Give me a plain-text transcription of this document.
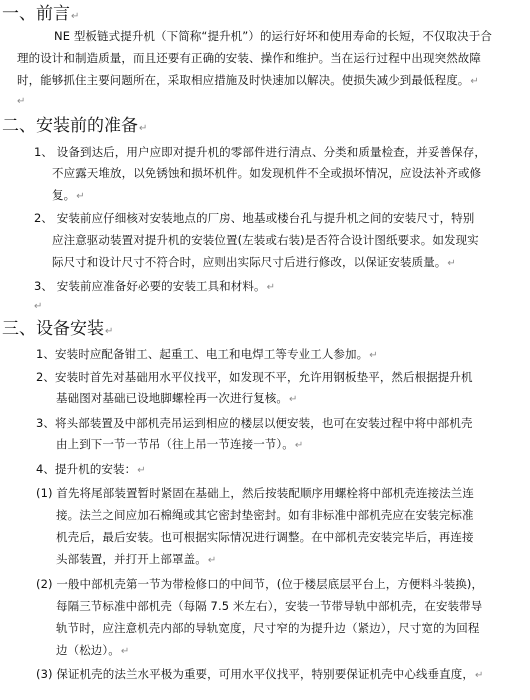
一、前言↵
NE 型板链式提升机（下简称“提升机”）的运行好坏和使用寿命的长短，不仅取决于合
理的设计和制造质量，而且还要有正确的安装、操作和维护。当在运行过程中出现突然故障
时，能够抓住主要问题所在，采取相应措施及时快速加以解决。使损失减少到最低程度。↵
↵
二、安装前的准备↵
1、 设备到达后，用户应即对提升机的零部件进行清点、分类和质量检查，并妥善保存，
不应露天堆放，以免锈蚀和损坏机件。如发现机件不全或损坏情况，应设法补齐或修
复。↵
2、 安装前应仔细核对安装地点的厂房、地基或楼台孔与提升机之间的安装尺寸，特别
应注意驱动装置对提升机的安装位置(左装或右装)是否符合设计图纸要求。如发现实
际尺寸和设计尺寸不符合时，应则出实际尺寸后进行修改，以保证安装质量。↵
3、 安装前应准备好必要的安装工具和材料。↵
↵
三、设备安装↵
1、安装时应配备钳工、起重工、电工和电焊工等专业工人参加。↵
2、安装时首先对基础用水平仪找平，如发现不平，允许用钢板垫平，然后根据提升机
基础图对基础已设地脚螺栓再一次进行复核。↵
3、将头部装置及中部机壳吊运到相应的楼层以便安装，也可在安装过程中将中部机壳
由上到下一节一节吊（往上吊一节连接一节）。↵
4、提升机的安装：↵
(1) 首先将尾部装置暂时紧固在基础上，然后按装配顺序用螺栓将中部机壳连接法兰连
接。法兰之间应加石棉绳或其它密封垫密封。如有非标准中部机壳应在安装完标准
机壳后，最后安装。也可根据实际情况进行调整。在中部机壳安装完毕后，再连接
头部装置，并打开上部罩盖。↵
(2) 一般中部机壳第一节为带检修口的中间节，(位于楼层底层平台上，方便料斗装换)，
每隔三节标准中部机壳（每隔 7.5 米左右），安装一节带导轨中部机壳，在安装带导
轨节时，应注意机壳内部的导轨宽度，尺寸窄的为提升边（紧边），尺寸宽的为回程
边（松边）。↵
(3) 保证机壳的法兰水平极为重要，可用水平仪找平，特别要保证机壳中心线垂直度，↵
